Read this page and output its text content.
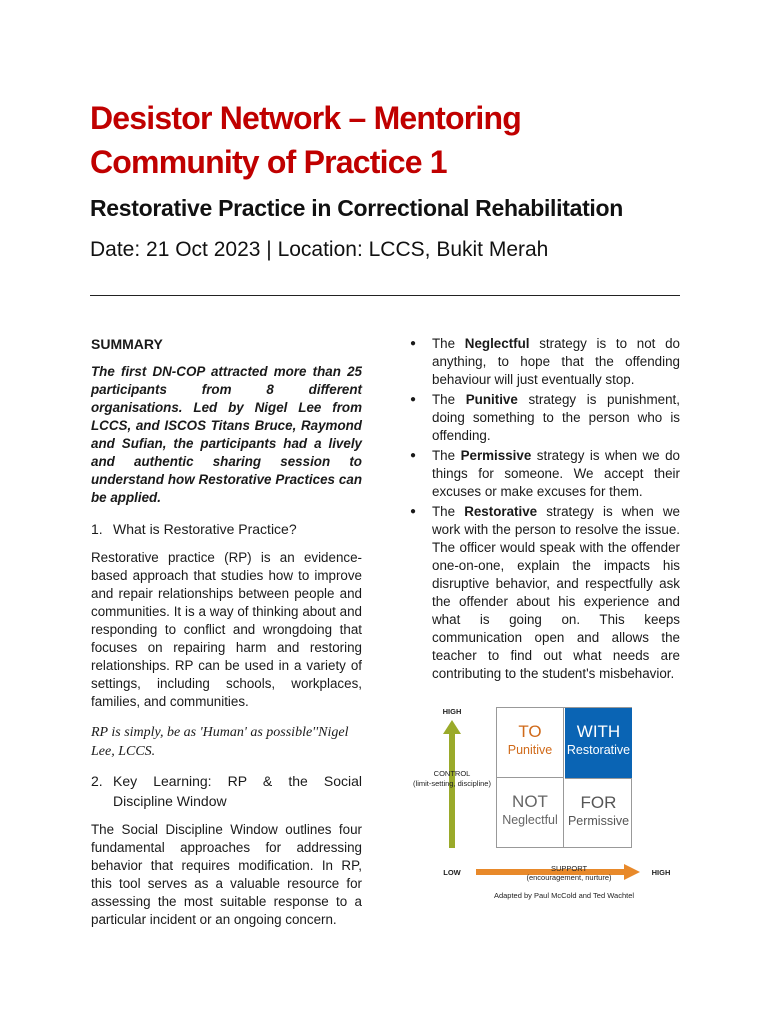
Desistor Network – Mentoring Community of Practice 1
Restorative Practice in Correctional Rehabilitation

Date: 21 Oct 2023 | Location: LCCS, Bukit Merah

SUMMARY

The first DN-COP attracted more than 25 participants from 8 different organisations. Led by Nigel Lee from LCCS, and ISCOS Titans Bruce, Raymond and Sufian, the participants had a lively and authentic sharing session to understand how Restorative Practices can be applied.

1. What is Restorative Practice?

Restorative practice (RP) is an evidence-based approach that studies how to improve and repair relationships between people and communities. It is a way of thinking about and responding to conflict and wrongdoing that focuses on repairing harm and restoring relationships. RP can be used in a variety of settings, including schools, workplaces, families, and communities.

RP is simply, be as 'Human' as possible''Nigel Lee, LCCS.

2. Key Learning: RP & the Social Discipline Window

The Social Discipline Window outlines four fundamental approaches for addressing behavior that requires modification. In RP, this tool serves as a valuable resource for assessing the most suitable response to a particular incident or an ongoing concern.

●	The Neglectful strategy is to not do anything, to hope that the offending behaviour will just eventually stop.
●	The Punitive strategy is punishment, doing something to the person who is offending.
●	The Permissive strategy is when we do things for someone. We accept their excuses or make excuses for them.
●	The Restorative strategy is when we work with the person to resolve the issue. The officer would speak with the offender one-on-one, explain the impacts his disruptive behavior, and respectfully ask the offender about his experience and what is going on. This keeps communication open and allows the teacher to find out what needs are contributing to the student's misbehavior.
HIGH
CONTROL
(limit-setting, discipline)
LOW	SUPPORT
(encouragement, nurture)
HIGH
Adapted by Paul McCold and Ted Wachtel
TO
Punitive
WITH
Restorative
NOT
Neglectful
FOR
Permissive
